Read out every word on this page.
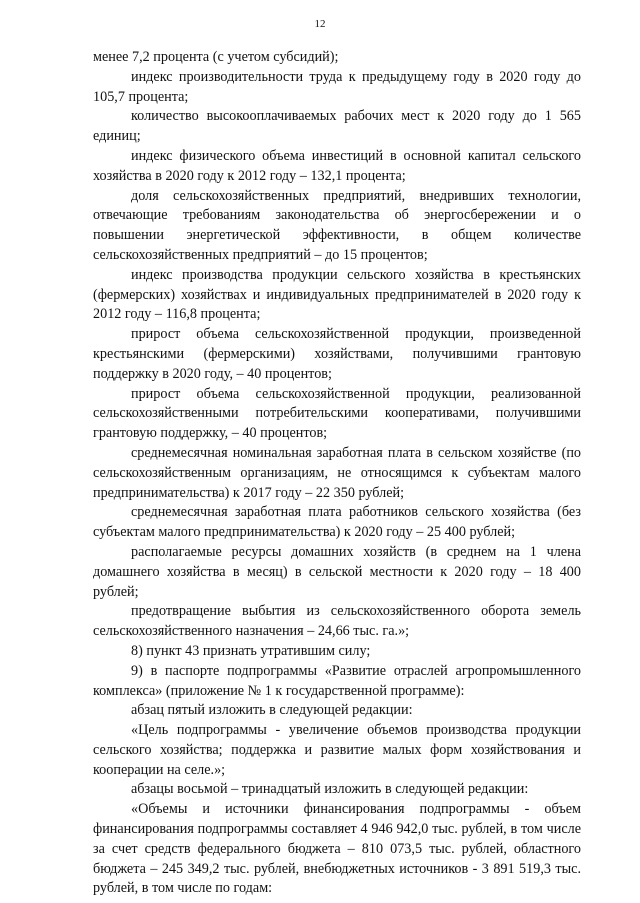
12

менее 7,2 процента (с учетом субсидий);

индекс производительности труда к предыдущему году в 2020 году до 105,7 процента;

количество высокооплачиваемых рабочих мест к 2020 году до 1 565 единиц;

индекс физического объема инвестиций в основной капитал сельского хозяйства в 2020 году к 2012 году – 132,1 процента;

доля сельскохозяйственных предприятий, внедривших технологии, отвечающие требованиям законодательства об энергосбережении и о повышении энергетической эффективности, в общем количестве сельскохозяйственных предприятий – до 15 процентов;

индекс производства продукции сельского хозяйства в крестьянских (фермерских) хозяйствах и индивидуальных предпринимателей в 2020 году к 2012 году – 116,8 процента;

прирост объема сельскохозяйственной продукции, произведенной крестьянскими (фермерскими) хозяйствами, получившими грантовую поддержку в 2020 году, – 40 процентов;

прирост объема сельскохозяйственной продукции, реализованной сельскохозяйственными потребительскими кооперативами, получившими грантовую поддержку, – 40 процентов;

среднемесячная номинальная заработная плата в сельском хозяйстве (по сельскохозяйственным организациям, не относящимся к субъектам малого предпринимательства) к 2017 году – 22 350 рублей;

среднемесячная заработная плата работников сельского хозяйства (без субъектам малого предпринимательства) к 2020 году – 25 400 рублей;

располагаемые ресурсы домашних хозяйств (в среднем на 1 члена домашнего хозяйства в месяц) в сельской местности к 2020 году – 18 400 рублей;

предотвращение выбытия из сельскохозяйственного оборота земель сельскохозяйственного назначения – 24,66 тыс. га.»;

8) пункт 43 признать утратившим силу;

9) в паспорте подпрограммы «Развитие отраслей агропромышленного комплекса» (приложение № 1 к государственной программе):

абзац пятый изложить в следующей редакции:

«Цель подпрограммы - увеличение объемов производства продукции сельского хозяйства; поддержка и развитие малых форм хозяйствования и кооперации на селе.»;

абзацы восьмой – тринадцатый изложить в следующей редакции:

«Объемы и источники финансирования подпрограммы - объем финансирования подпрограммы составляет 4 946 942,0 тыс. рублей, в том числе за счет средств федерального бюджета – 810 073,5 тыс. рублей, областного бюджета – 245 349,2 тыс. рублей, внебюджетных источников - 3 891 519,3 тыс. рублей, в том числе по годам:
